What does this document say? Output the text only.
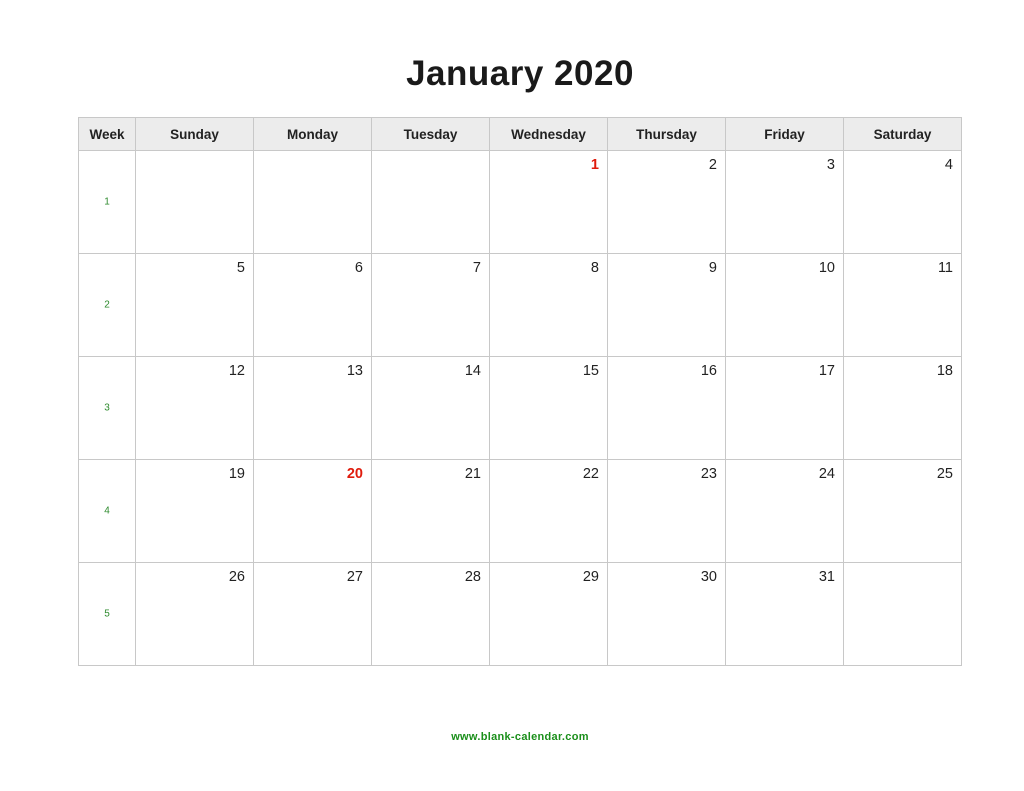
January 2020
Week	Sunday	Monday	Tuesday	Wednesday	Thursday	Friday	Saturday

1				1	2	3	4

2	5	6	7	8	9	10	11

3	12	13	14	15	16	17	18

4	19	20	21	22	23	24	25

5	26	27	28	29	30	31	

www.blank-calendar.com
